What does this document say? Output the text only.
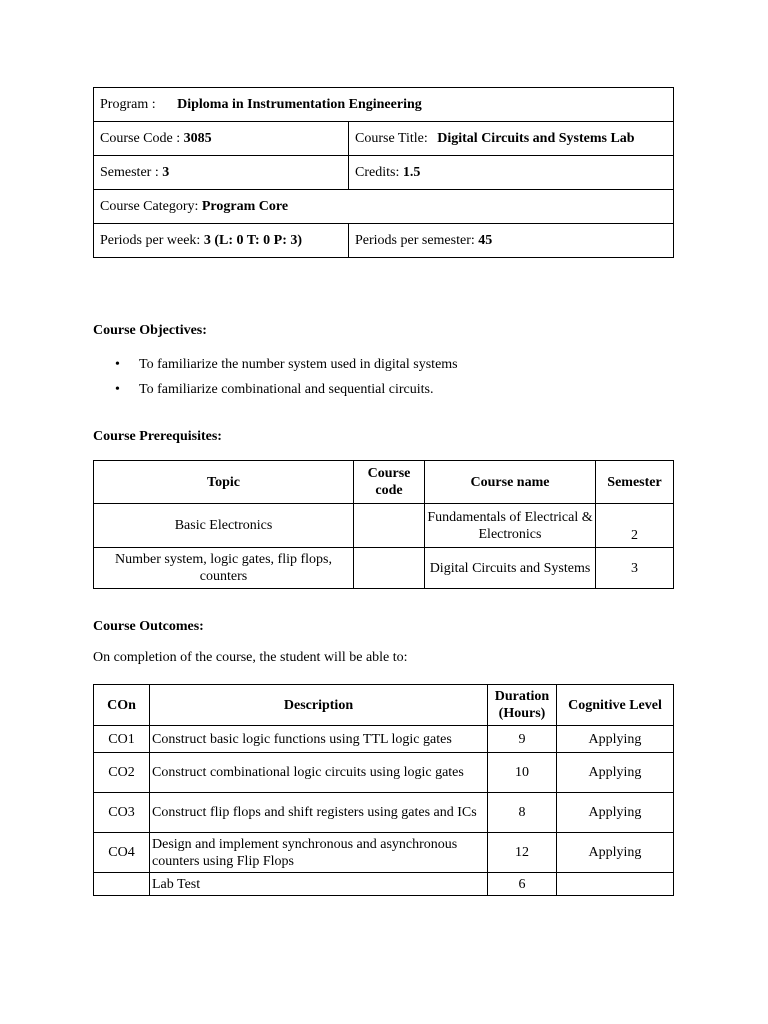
Program : Diploma in Instrumentation Engineering	
Course Code : 3085	Course Title: Digital Circuits and Systems Lab
Semester : 3	Credits: 1.5
Course Category: Program Core	
Periods per week: 3 (L: 0 T: 0 P: 3)	Periods per semester: 45
Course Objectives:
• To familiarize the number system used in digital systems
• To familiarize combinational and sequential circuits.
Course Prerequisites:
Topic	Course code	Course name	Semester
Basic Electronics		Fundamentals of Electrical & Electronics	2
Number system, logic gates, flip flops, counters		Digital Circuits and Systems	3
Course Outcomes:
On completion of the course, the student will be able to:
COn	Description	Duration (Hours)	Cognitive Level
CO1	Construct basic logic functions using TTL logic gates	9	Applying
CO2	Construct combinational logic circuits using logic gates	10	Applying
CO3	Construct flip flops and shift registers using gates and ICs	8	Applying
CO4	Design and implement synchronous and asynchronous counters using Flip Flops	12	Applying
	Lab Test	6	
